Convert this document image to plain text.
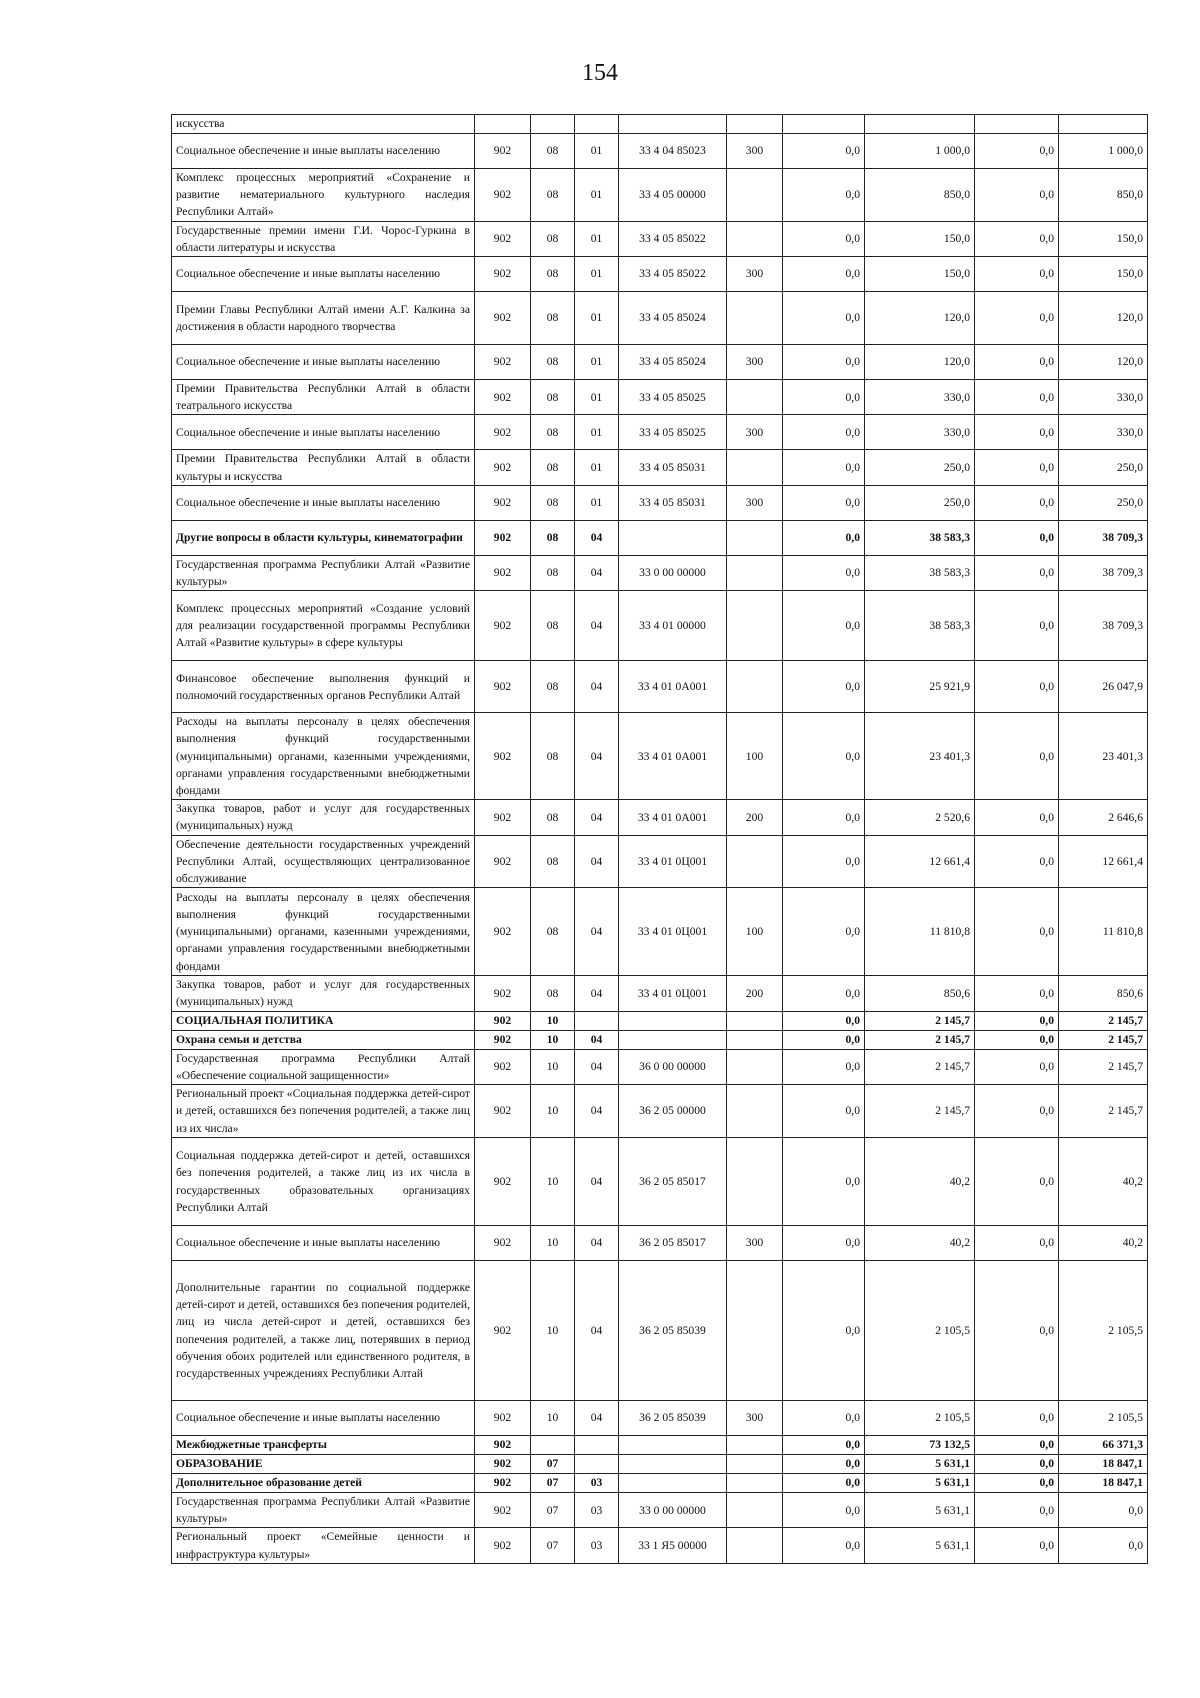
154
искусства									
Социальное обеспечение и иные выплаты населению	902	08	01	33 4 04 85023	300	0,0	1 000,0	0,0	1 000,0
Комплекс процессных мероприятий «Сохранение и развитие нематериального культурного наследия Республики Алтай»	902	08	01	33 4 05 00000		0,0	850,0	0,0	850,0
Государственные премии имени Г.И. Чорос-Гуркина в области литературы и искусства	902	08	01	33 4 05 85022		0,0	150,0	0,0	150,0
Социальное обеспечение и иные выплаты населению	902	08	01	33 4 05 85022	300	0,0	150,0	0,0	150,0
Премии Главы Республики Алтай имени А.Г. Калкина за достижения в области народного творчества	902	08	01	33 4 05 85024		0,0	120,0	0,0	120,0
Социальное обеспечение и иные выплаты населению	902	08	01	33 4 05 85024	300	0,0	120,0	0,0	120,0
Премии Правительства Республики Алтай в области театрального искусства	902	08	01	33 4 05 85025		0,0	330,0	0,0	330,0
Социальное обеспечение и иные выплаты населению	902	08	01	33 4 05 85025	300	0,0	330,0	0,0	330,0
Премии Правительства Республики Алтай в области культуры и искусства	902	08	01	33 4 05 85031		0,0	250,0	0,0	250,0
Социальное обеспечение и иные выплаты населению	902	08	01	33 4 05 85031	300	0,0	250,0	0,0	250,0
Другие вопросы в области культуры, кинематографии	902	08	04			0,0	38 583,3	0,0	38 709,3
Государственная программа Республики Алтай «Развитие культуры»	902	08	04	33 0 00 00000		0,0	38 583,3	0,0	38 709,3
Комплекс процессных мероприятий «Создание условий для реализации государственной программы Республики Алтай «Развитие культуры» в сфере культуры	902	08	04	33 4 01 00000		0,0	38 583,3	0,0	38 709,3
Финансовое обеспечение выполнения функций и полномочий государственных органов Республики Алтай	902	08	04	33 4 01 0A001		0,0	25 921,9	0,0	26 047,9
Расходы на выплаты персоналу в целях обеспечения выполнения функций государственными (муниципальными) органами, казенными учреждениями, органами управления государственными внебюджетными фондами	902	08	04	33 4 01 0A001	100	0,0	23 401,3	0,0	23 401,3
Закупка товаров, работ и услуг для государственных (муниципальных) нужд	902	08	04	33 4 01 0A001	200	0,0	2 520,6	0,0	2 646,6
Обеспечение деятельности государственных учреждений Республики Алтай, осуществляющих централизованное обслуживание	902	08	04	33 4 01 0Ц001		0,0	12 661,4	0,0	12 661,4
Расходы на выплаты персоналу в целях обеспечения выполнения функций государственными (муниципальными) органами, казенными учреждениями, органами управления государственными внебюджетными фондами	902	08	04	33 4 01 0Ц001	100	0,0	11 810,8	0,0	11 810,8
Закупка товаров, работ и услуг для государственных (муниципальных) нужд	902	08	04	33 4 01 0Ц001	200	0,0	850,6	0,0	850,6
СОЦИАЛЬНАЯ ПОЛИТИКА	902	10				0,0	2 145,7	0,0	2 145,7
Охрана семьи и детства	902	10	04			0,0	2 145,7	0,0	2 145,7
Государственная программа Республики Алтай «Обеспечение социальной защищенности»	902	10	04	36 0 00 00000		0,0	2 145,7	0,0	2 145,7
Региональный проект «Социальная поддержка детей-сирот и детей, оставшихся без попечения родителей, а также лиц из их числа»	902	10	04	36 2 05 00000		0,0	2 145,7	0,0	2 145,7
Социальная поддержка детей-сирот и детей, оставшихся без попечения родителей, а также лиц из их числа в государственных образовательных организациях Республики Алтай	902	10	04	36 2 05 85017		0,0	40,2	0,0	40,2
Социальное обеспечение и иные выплаты населению	902	10	04	36 2 05 85017	300	0,0	40,2	0,0	40,2
Дополнительные гарантии по социальной поддержке детей-сирот и детей, оставшихся без попечения родителей, лиц из числа детей-сирот и детей, оставшихся без попечения родителей, а также лиц, потерявших в период обучения обоих родителей или единственного родителя, в государственных учреждениях Республики Алтай	902	10	04	36 2 05 85039		0,0	2 105,5	0,0	2 105,5
Социальное обеспечение и иные выплаты населению	902	10	04	36 2 05 85039	300	0,0	2 105,5	0,0	2 105,5
Межбюджетные трансферты	902					0,0	73 132,5	0,0	66 371,3
ОБРАЗОВАНИЕ	902	07				0,0	5 631,1	0,0	18 847,1
Дополнительное образование детей	902	07	03			0,0	5 631,1	0,0	18 847,1
Государственная программа Республики Алтай «Развитие культуры»	902	07	03	33 0 00 00000		0,0	5 631,1	0,0	0,0
Региональный проект «Семейные ценности и инфраструктура культуры»	902	07	03	33 1 Я5 00000		0,0	5 631,1	0,0	0,0
